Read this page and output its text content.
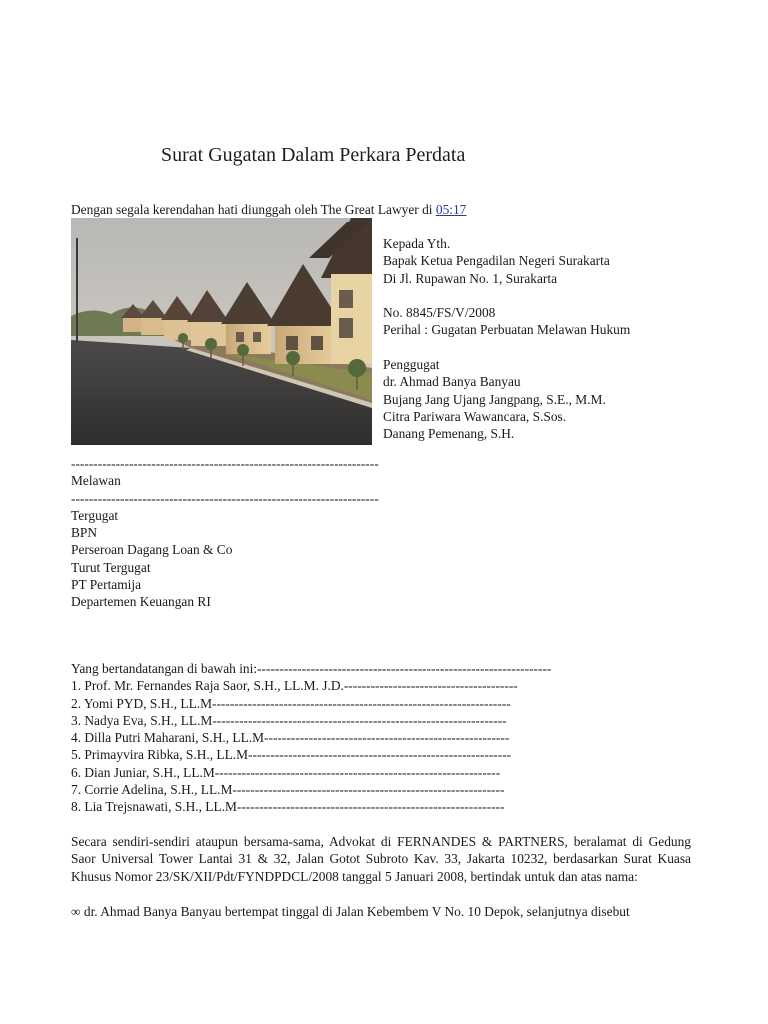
Surat Gugatan Dalam Perkara Perdata
Dengan segala kerendahan hati diunggah oleh The Great Lawyer di 05:17
Kepada Yth.
Bapak Ketua Pengadilan Negeri Surakarta
Di Jl. Rupawan No. 1, Surakarta
No. 8845/FS/V/2008
Perihal : Gugatan Perbuatan Melawan Hukum
Penggugat
dr. Ahmad Banya Banyau
Bujang Jang Ujang Jangpang, S.E., M.M.
Citra Pariwara Wawancara, S.Sos.
Danang Pemenang, S.H.
---------------------------------------------------------------------
Melawan
---------------------------------------------------------------------
Tergugat
BPN
Perseroan Dagang Loan & Co
Turut Tergugat
PT Pertamija
Departemen Keuangan RI
Yang bertandatangan di bawah ini:------------------------------------------------------------------
1. Prof. Mr. Fernandes Raja Saor, S.H., LL.M. J.D.---------------------------------------
2. Yomi PYD, S.H., LL.M-------------------------------------------------------------------
3. Nadya Eva, S.H., LL.M------------------------------------------------------------------
4. Dilla Putri Maharani, S.H., LL.M-------------------------------------------------------
5. Primayvira Ribka, S.H., LL.M-----------------------------------------------------------
6. Dian Juniar, S.H., LL.M----------------------------------------------------------------
7. Corrie Adelina, S.H., LL.M-------------------------------------------------------------
8. Lia Trejsnawati, S.H., LL.M------------------------------------------------------------
Secara sendiri-sendiri ataupun bersama-sama, Advokat di FERNANDES & PARTNERS, beralamat di Gedung Saor Universal Tower Lantai 31 & 32, Jalan Gotot Subroto Kav. 33, Jakarta 10232, berdasarkan Surat Kuasa Khusus Nomor 23/SK/XII/Pdt/FYNDPDCL/2008 tanggal 5 Januari 2008, bertindak untuk dan atas nama:
∞ dr. Ahmad Banya Banyau bertempat tinggal di Jalan Kebembem V No. 10 Depok, selanjutnya disebut
